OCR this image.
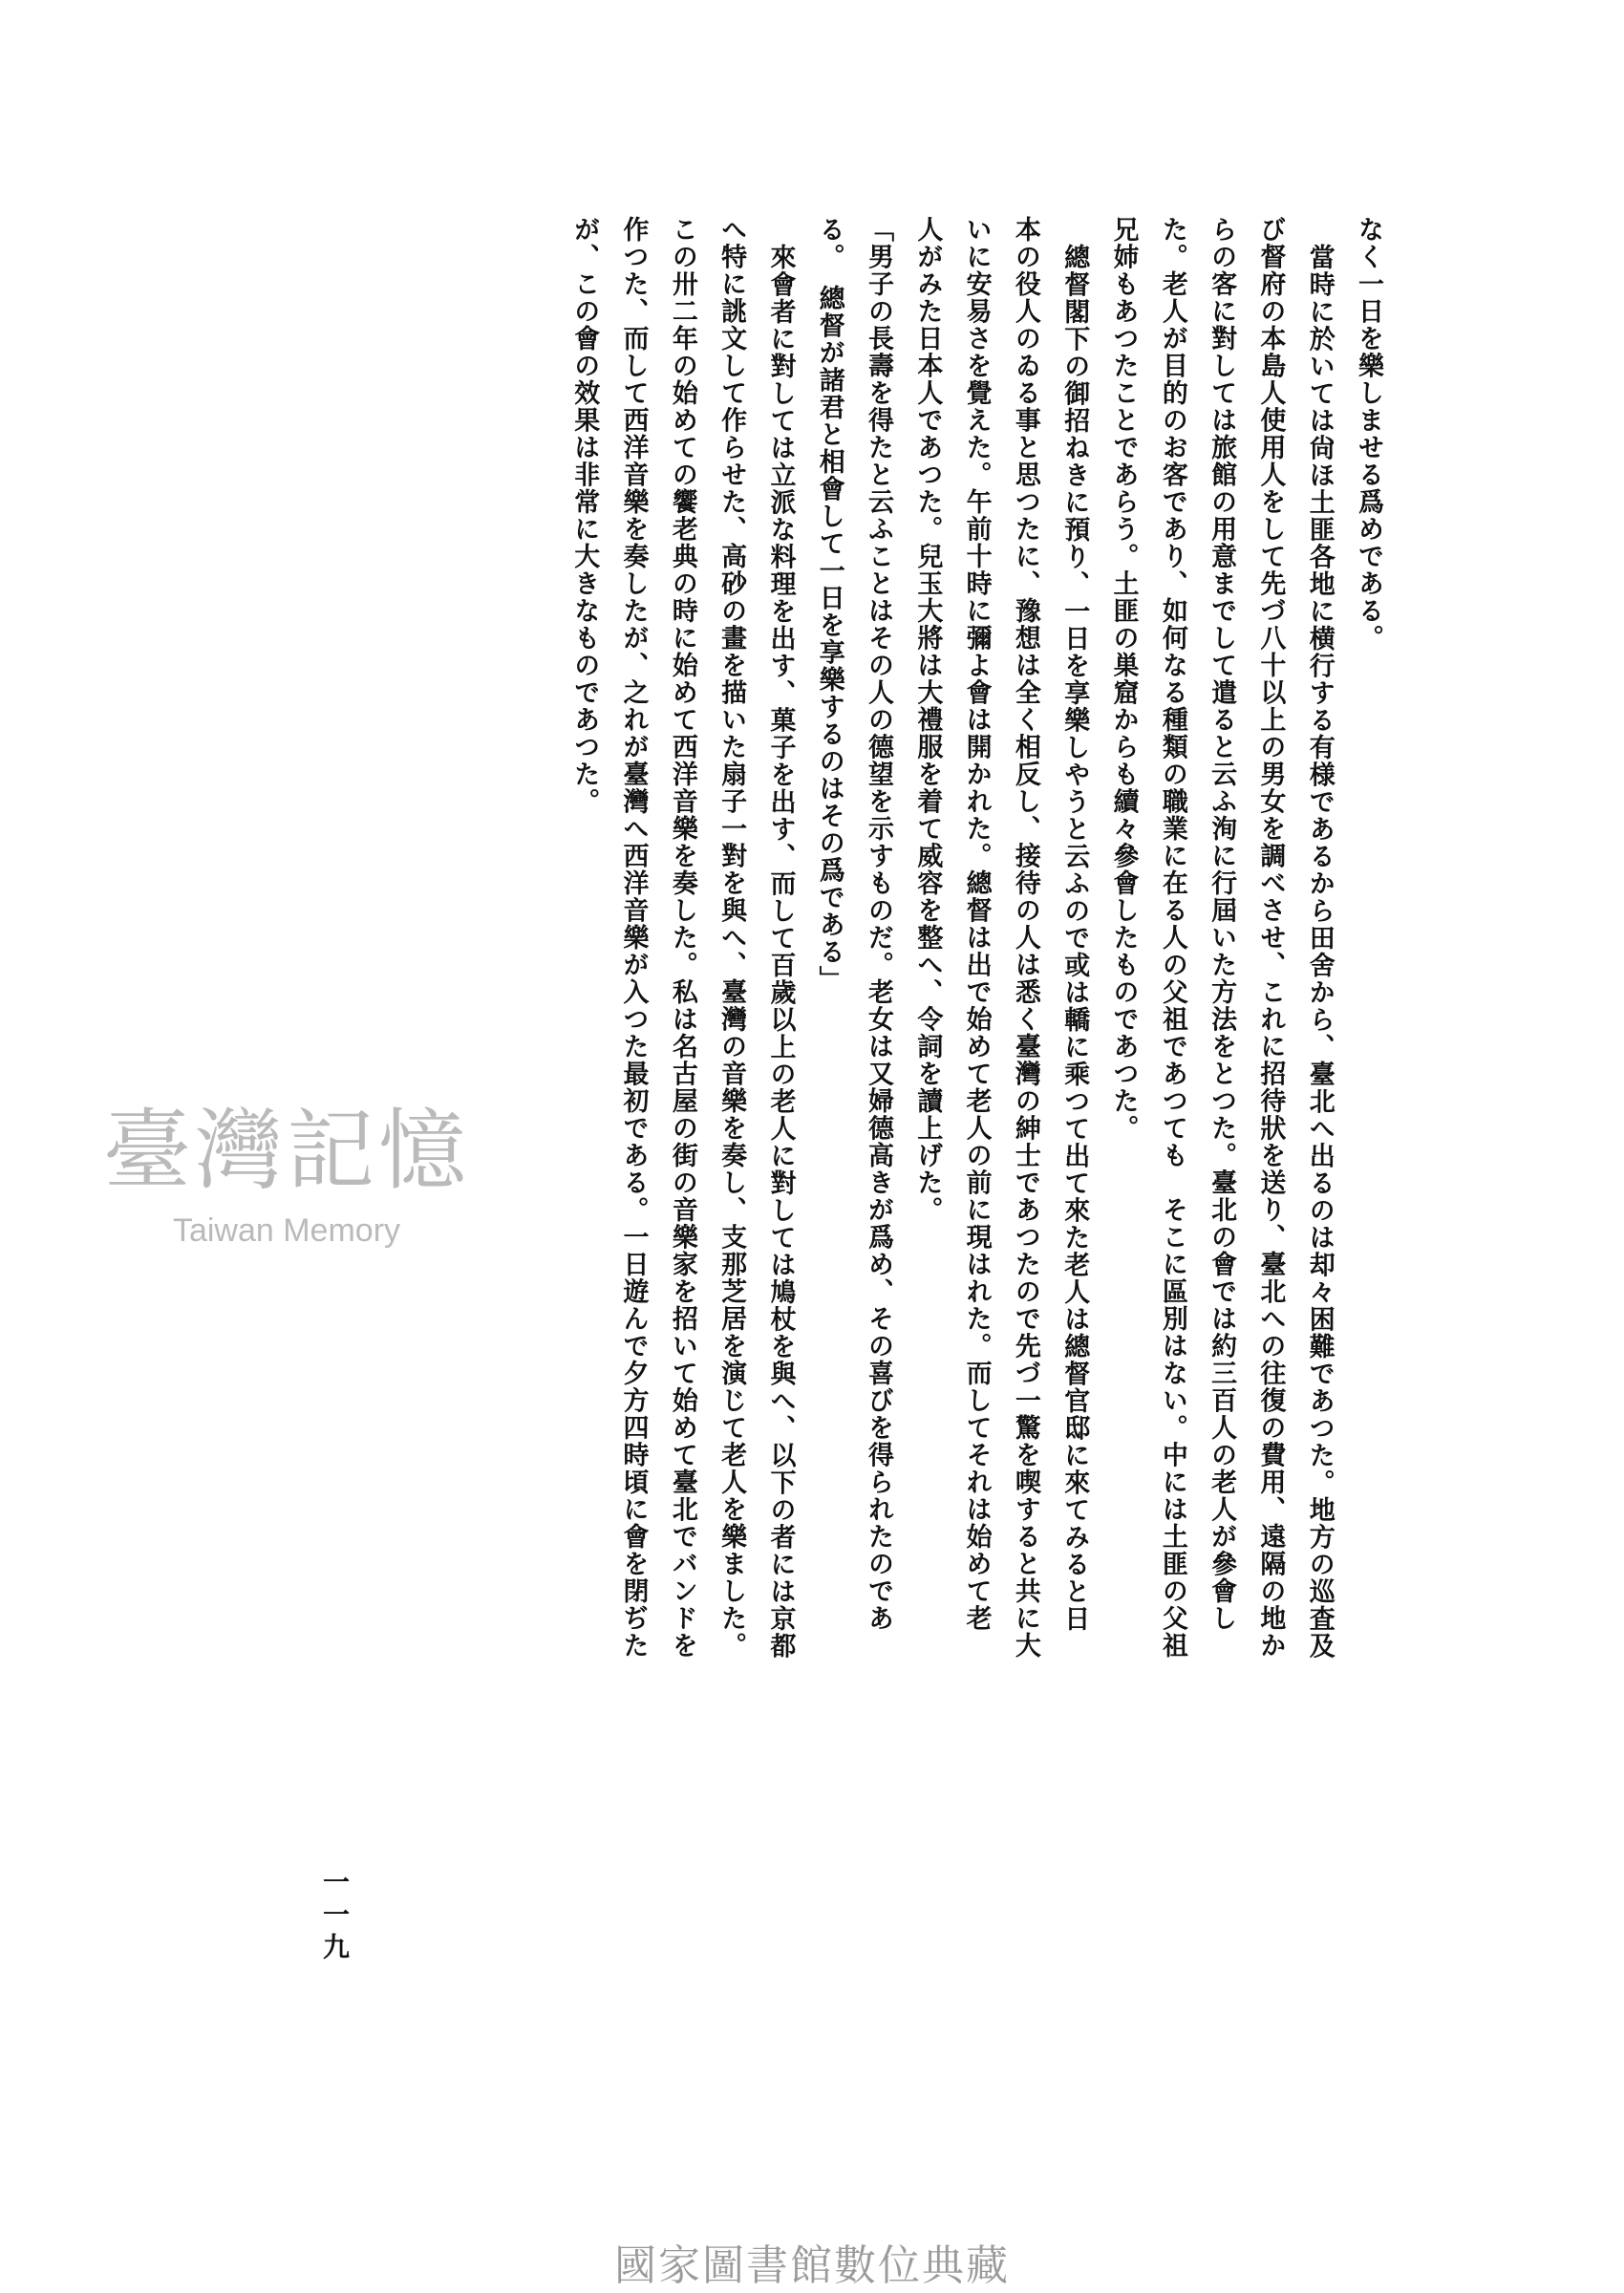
なく一日を樂しませる爲めである。

當時に於いては尙ほ土匪各地に横行する有様であるから田舍から、臺北へ出るのは却々困難であつた。地方の巡査及

び督府の本島人使用人をして先づ八十以上の男女を調べさせ、これに招待狀を送り、臺北への往復の費用、遠隔の地か

らの客に對しては旅館の用意までして遣ると云ふ洵に行屆いた方法をとつた。臺北の會では約三百人の老人が參會し

た。老人が目的のお客であり、如何なる種類の職業に在る人の父祖であつても　そこに區別はない。中には土匪の父祖

兄姉もあつたことであらう。土匪の巣窟からも續々參會したものであつた。

總督閣下の御招ねきに預り、一日を享樂しやうと云ふので或は轎に乘つて出て來た老人は總督官邸に來てみると日

本の役人のゐる事と思つたに、豫想は全く相反し、接待の人は悉く臺灣の紳士であつたので先づ一驚を喫すると共に大

いに安易さを覺えた。午前十時に彌よ會は開かれた。總督は出で始めて老人の前に現はれた。而してそれは始めて老

人がみた日本人であつた。兒玉大將は大禮服を着て威容を整へ、令詞を讀上げた。

「男子の長壽を得たと云ふことはその人の德望を示すものだ。老女は又婦德高きが爲め、その喜びを得られたのであ

る。　總督が諸君と相會して一日を享樂するのはその爲である」

來會者に對しては立派な料理を出す、菓子を出す、而して百歲以上の老人に對しては鳩杖を與へ、以下の者には京都

へ特に誂文して作らせた、高砂の畫を描いた扇子一對を與へ、臺灣の音樂を奏し、支那芝居を演じて老人を樂ました。

この卅二年の始めての饗老典の時に始めて西洋音樂を奏した。私は名古屋の街の音樂家を招いて始めて臺北でバンドを

作つた、而して西洋音樂を奏したが、之れが臺灣へ西洋音樂が入つた最初である。一日遊んで夕方四時頃に會を閉ぢた

が、この會の效果は非常に大きなものであつた。

一一九
臺灣記憶
Taiwan Memory
國家圖書館數位典藏
